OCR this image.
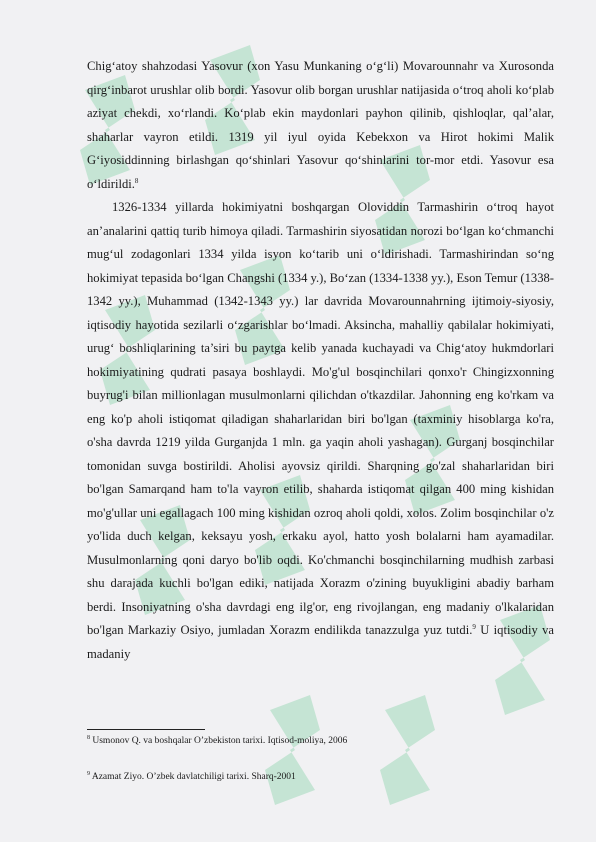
Chig‘atoy shahzodasi Yasovur (xon Yasu Munkaning o‘g‘li) Movarounnahr va Xurosonda qirg‘inbarot urushlar olib bordi. Yasovur olib borgan urushlar natijasida o‘troq aholi ko‘plab aziyat chekdi, xo‘rlandi. Ko‘plab ekin maydonlari payhon qilinib, qishloqlar, qal’alar, shaharlar vayron etildi. 1319 yil iyul oyida Kebekxon va Hirot hokimi Malik G‘iyosiddinning birlashgan qo‘shinlari Yasovur qo‘shinlarini tor-mor etdi. Yasovur esa o‘ldirildi.$^8$

1326-1334 yillarda hokimiyatni boshqargan Oloviddin Tarmashirin o‘troq hayot an’analarini qattiq turib himoya qiladi. Tarmashirin siyosatidan norozi bo‘lgan ko‘chmanchi mug‘ul zodagonlari 1334 yilda isyon ko‘tarib uni o‘ldirishadi. Tarmashirindan so‘ng hokimiyat tepasida bo‘lgan Changshi (1334 y.), Bo‘zan (1334-1338 yy.), Eson Temur (1338-1342 yy.), Muhammad (1342-1343 yy.) lar davrida Movarounnahrning ijtimoiy-siyosiy, iqtisodiy hayotida sezilarli o‘zgarishlar bo‘lmadi. Aksincha, mahalliy qabilalar hokimiyati, urug‘ boshliqlarining ta’siri bu paytga kelib yanada kuchayadi va Chig‘atoy hukmdorlari hokimiyatining qudrati pasaya boshlaydi. Mo'g'ul bosqinchilari qonxo'r Chingizxonning buyrug'i bilan millionlagan musulmonlarni qilichdan o'tkazdilar. Jahonning eng ko'rkam va eng ko'p aholi istiqomat qiladigan shaharlaridan biri bo'lgan (taxminiy hisoblarga ko'ra, o'sha davrda 1219 yilda Gurganjda 1 mln. ga yaqin aholi yashagan). Gurganj bosqinchilar tomonidan suvga bostirildi. Aholisi ayovsiz qirildi. Sharqning go'zal shaharlaridan biri bo'lgan Samarqand ham to'la vayron etilib, shaharda istiqomat qilgan 400 ming kishidan mo'g'ullar uni egallagach 100 ming kishidan ozroq aholi qoldi, xolos. Zolim bosqinchilar o'z yo'lida duch kelgan, keksayu yosh, erkaku ayol, hatto yosh bolalarni ham ayamadilar. Musulmonlarning qoni daryo bo'lib oqdi. Ko'chmanchi bosqinchilarning mudhish zarbasi shu darajada kuchli bo'lgan ediki, natijada Xorazm o'zining buyukligini abadiy barham berdi. Insoniyatning o'sha davrdagi eng ilg'or, eng rivojlangan, eng madaniy o'lkalaridan bo'lgan Markaziy Osiyo, jumladan Xorazm endilikda tanazzulga yuz tutdi.$^9$ U iqtisodiy va madaniy

$^8$ Usmonov Q. va boshqalar O’zbekiston tarixi. Iqtisod-moliya, 2006
$^9$ Azamat Ziyo. O’zbek davlatchiligi tarixi. Sharq-2001
